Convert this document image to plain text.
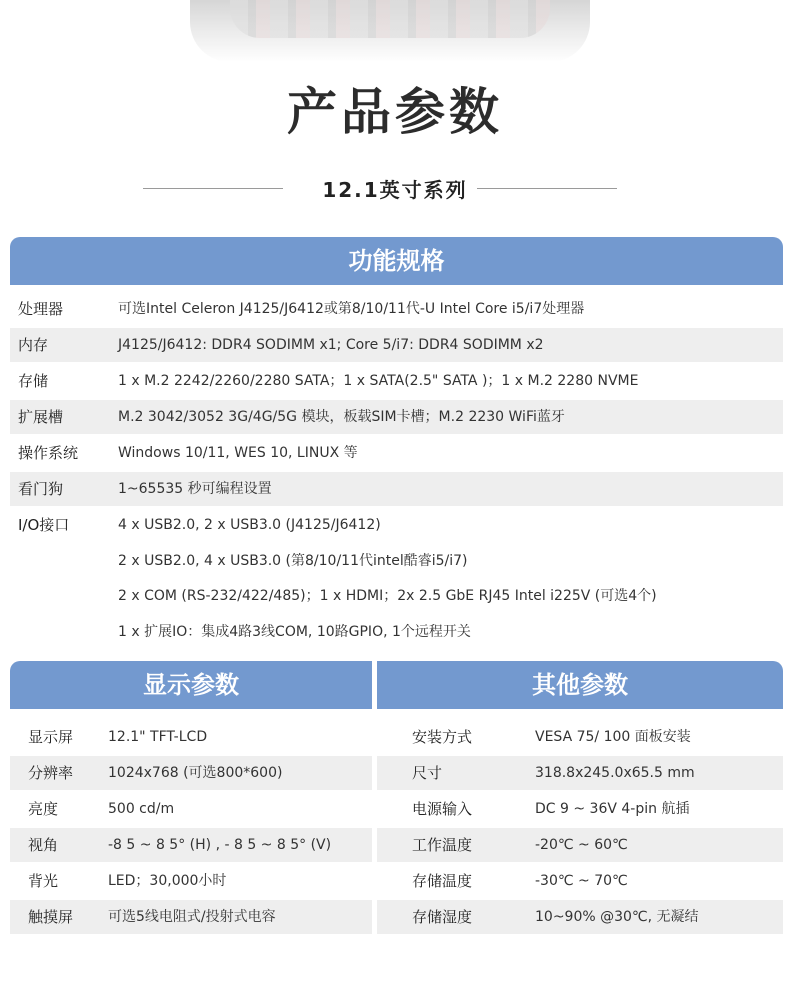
产品参数
12.1英寸系列
功能规格
处理器	可选Intel Celeron J4125/J6412或第8/10/11代-U Intel Core i5/i7处理器
内存	J4125/J6412: DDR4 SODIMM x1; Core 5/i7: DDR4 SODIMM x2
存储	1 x M.2 2242/2260/2280 SATA；1 x SATA(2.5" SATA )；1 x M.2 2280 NVME
扩展槽	M.2 3042/3052 3G/4G/5G 模块，板载SIM卡槽；M.2 2230 WiFi蓝牙
操作系统	Windows 10/11, WES 10, LINUX 等
看门狗	1~65535 秒可编程设置
I/O接口	4 x USB2.0, 2 x USB3.0 (J4125/J6412)
2 x USB2.0, 4 x USB3.0 (第8/10/11代intel酷睿i5/i7)
2 x COM (RS-232/422/485)；1 x HDMI；2x 2.5 GbE RJ45 Intel i225V (可选4个)
1 x 扩展IO：集成4路3线COM, 10路GPIO, 1个远程开关
显示参数	其他参数
显示屏 12.1" TFT-LCD
分辨率 1024x768 (可选800*600)
亮度	500 cd/m
视角	-8 5 ~ 8 5° (H) , - 8 5 ~ 8 5° (V)
背光	LED；30,000小时
触摸屏 可选5线电阻式/投射式电容
安装方式	VESA 75/ 100 面板安装
尺寸	318.8x245.0x65.5 mm
电源输入	DC 9 ~ 36V 4-pin 航插
工作温度	-20℃ ~ 60℃
存储温度	-30℃ ~ 70℃
存储湿度	10~90% @30℃, 无凝结
